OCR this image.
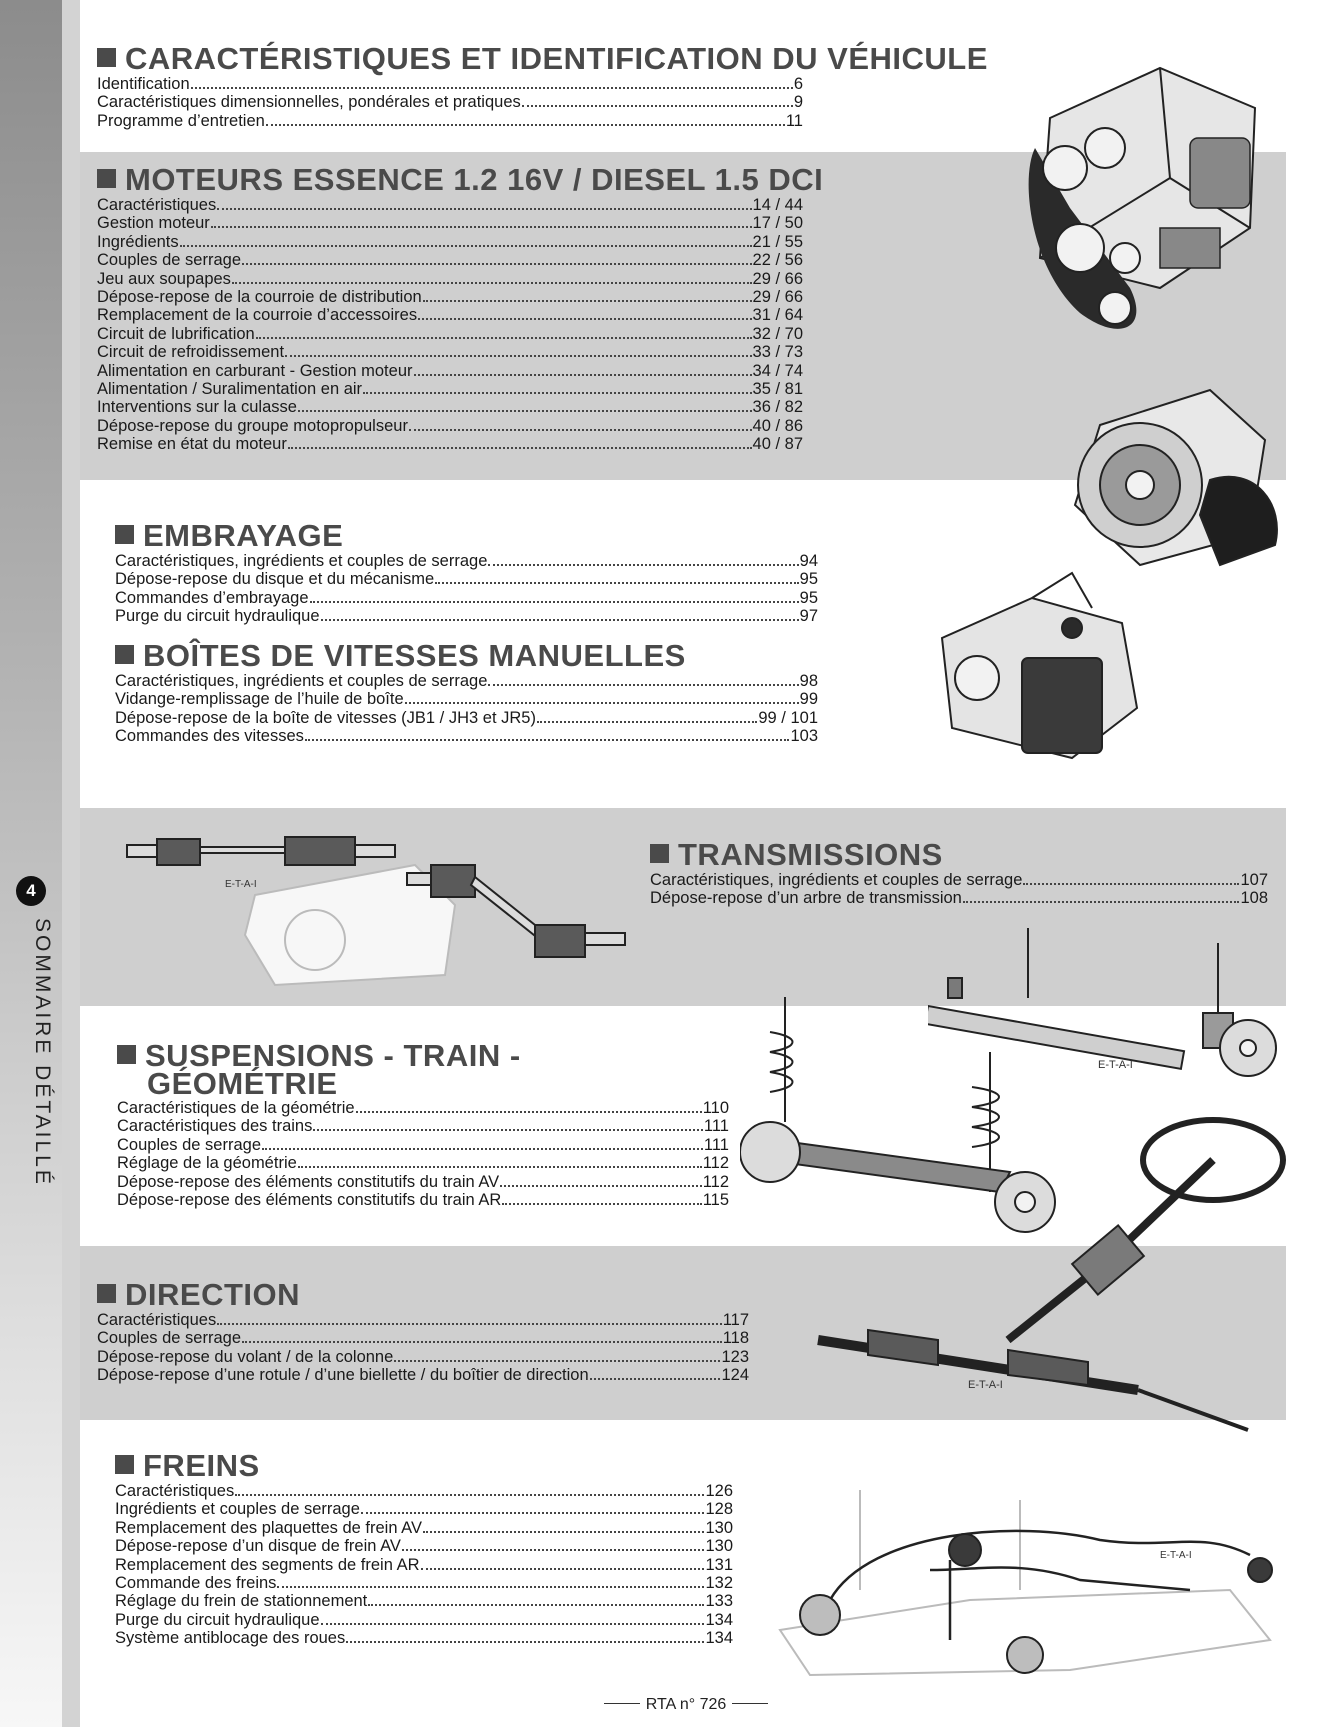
4
SOMMAIRE DÉTAILLÉ
CARACTÉRISTIQUES ET IDENTIFICATION DU VÉHICULE
Identification	6
Caractéristiques dimensionnelles, pondérales et pratiques	9
Programme d’entretien	11
MOTEURS ESSENCE 1.2 16V / DIESEL 1.5 DCI
Caractéristiques	14 / 44
Gestion moteur	17 / 50
Ingrédients	21 / 55
Couples de serrage	22 / 56
Jeu aux soupapes	29 / 66
Dépose-repose de la courroie de distribution	29 / 66
Remplacement de la courroie d’accessoires	31 / 64
Circuit de lubrification	32 / 70
Circuit de refroidissement	33 / 73
Alimentation en carburant - Gestion moteur	34 / 74
Alimentation / Suralimentation en air	35 / 81
Interventions sur la culasse	36 / 82
Dépose-repose du groupe motopropulseur	40 / 86
Remise en état du moteur	40 / 87
EMBRAYAGE
Caractéristiques, ingrédients et couples de serrage	94
Dépose-repose du disque et du mécanisme	95
Commandes d’embrayage	95
Purge du circuit hydraulique	97
BOÎTES DE VITESSES MANUELLES
Caractéristiques, ingrédients et couples de serrage	98
Vidange-remplissage de l’huile de boîte	99
Dépose-repose de la boîte de vitesses (JB1 / JH3 et JR5)	99 / 101
Commandes des vitesses	103
TRANSMISSIONS
Caractéristiques, ingrédients et couples de serrage	107
Dépose-repose d’un arbre de transmission	108
SUSPENSIONS - TRAIN - GÉOMÉTRIE
Caractéristiques de la géométrie	110
Caractéristiques des trains	111
Couples de serrage	111
Réglage de la géométrie	112
Dépose-repose des éléments constitutifs du train AV	112
Dépose-repose des éléments constitutifs du train AR	115
DIRECTION
Caractéristiques	117
Couples de serrage	118
Dépose-repose du volant / de la colonne	123
Dépose-repose d’une rotule / d’une biellette / du boîtier de direction	124
FREINS
Caractéristiques	126
Ingrédients et couples de serrage	128
Remplacement des plaquettes de frein AV	130
Dépose-repose d’un disque de frein AV	130
Remplacement des segments de frein AR	131
Commande des freins	132
Réglage du frein de stationnement	133
Purge du circuit hydraulique	134
Système antiblocage des roues	134
E-T-A-I
E-T-A-I
E-T-A-I
E-T-A-I
RTA n° 726
